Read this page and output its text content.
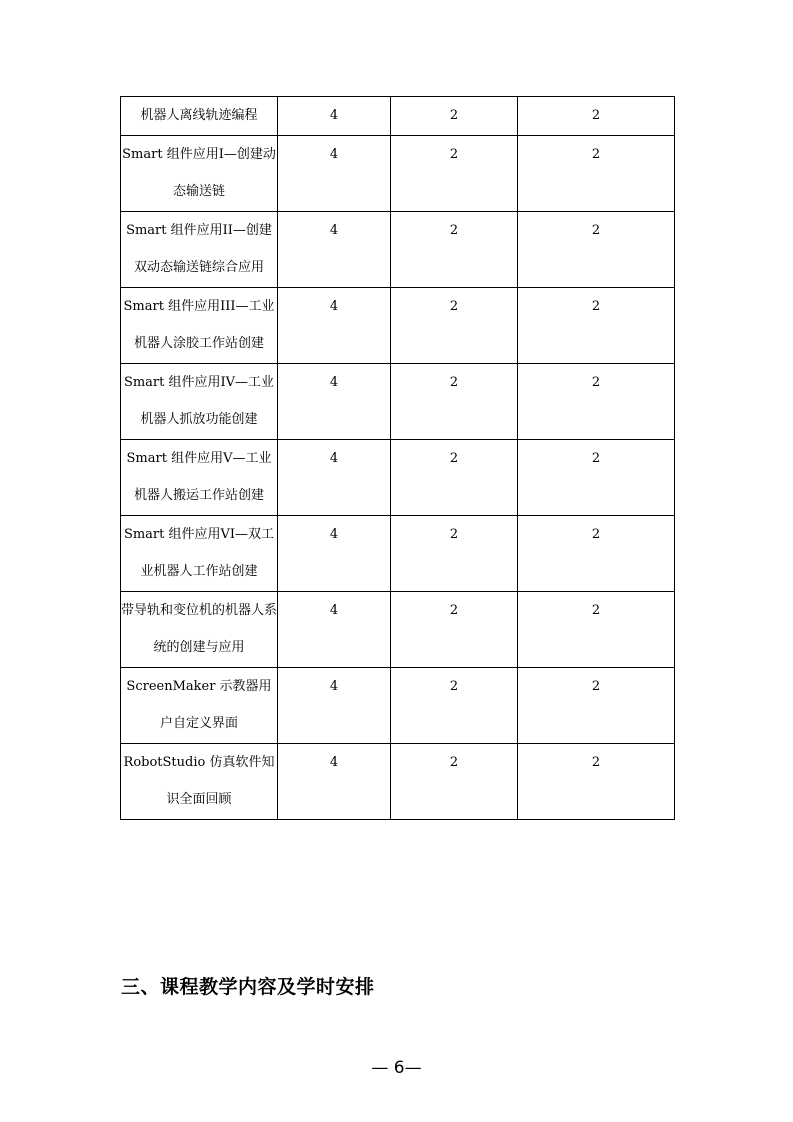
机器人离线轨迹编程	4	2	2
Smart 组件应用I—创建动态输送链	4	2	2
Smart 组件应用II—创建双动态输送链综合应用	4	2	2
Smart 组件应用III—工业机器人涂胶工作站创建	4	2	2
Smart 组件应用IV—工业机器人抓放功能创建	4	2	2
Smart 组件应用V—工业机器人搬运工作站创建	4	2	2
Smart 组件应用VI—双工业机器人工作站创建	4	2	2
带导轨和变位机的机器人系统的创建与应用	4	2	2
ScreenMaker 示教器用户自定义界面	4	2	2
RobotStudio 仿真软件知识全面回顾	4	2	2
三、课程教学内容及学时安排
— 6—
